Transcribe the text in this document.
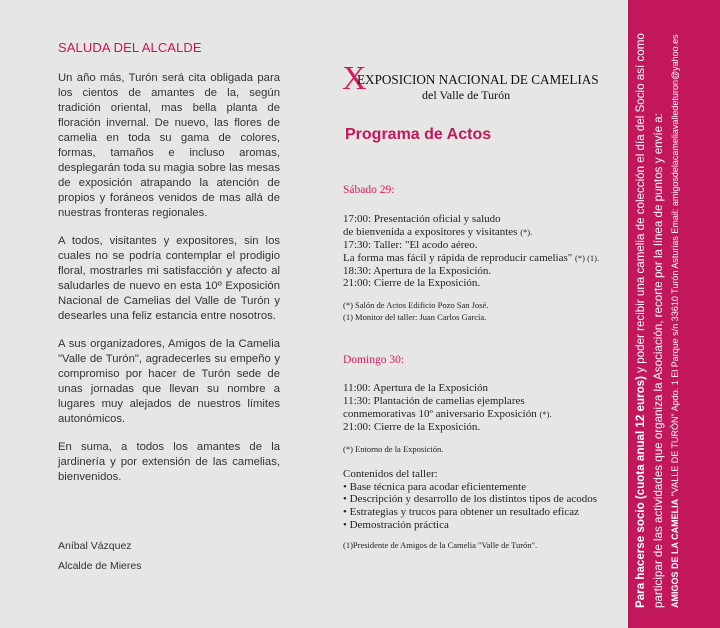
SALUDA DEL ALCALDE

Un año más, Turón será cita obligada para los cientos de amantes de la, según tradición oriental, mas bella planta de floración invernal. De nuevo, las flores de camelia en toda su gama de colores, formas, tamaños e incluso aromas, desplegarán toda su magia sobre las mesas de exposición atrapando la atención de propios y foráneos venidos de mas allá de nuestras fronteras regionales.

A todos, visitantes y expositores, sin los cuales no se podría contemplar el prodigio floral, mostrarles mi satisfacción y afecto al saludarles de nuevo en esta 10º Exposición Nacional de Camelias del Valle de Turón y desearles una feliz estancia entre nosotros.

A sus organizadores, Amigos de la Camelia "Valle de Turón", agradecerles su empeño y compromiso por hacer de Turón sede de unas jornadas que llevan su nombre a lugares muy alejados de nuestros límites autonómicos.

En suma, a todos los amantes de la jardinería y por extensión de las camelias, bienvenidos.

Aníbal Vázquez
Alcalde de Mieres
X
EXPOSICION NACIONAL DE CAMELIAS
del Valle de Turón
Programa de Actos
Sábado 29:
17:00: Presentación oficial y saludo
de bienvenida a expositores y visitantes (*).
17:30: Taller: "El acodo aéreo.
La forma mas fácil y rápida de reproducir camelias" (*) (1).
18:30: Apertura de la Exposición.
21:00: Cierre de la Exposición.
(*) Salón de Actos Edificio Pozo San José.
(1) Monitor del taller: Juan Carlos García.
Domingo 30:
11:00: Apertura de la Exposición
11:30: Plantación de camelias ejemplares
conmemorativas 10º aniversario Exposición (*).
21:00: Cierre de la Exposición.
(*) Entorno de la Exposición.
Contenidos del taller:
• Base técnica para acodar eficientemente
• Descripción y desarrollo de los distintos tipos de acodos
• Estrategias y trucos para obtener un resultado eficaz
• Demostración práctica
(1)Presidente de Amigos de la Camelia "Valle de Turón".	Para hacerse socio (cuota anual 12 euros) y poder recibir una camelia de colección el día del Socio así como participar de las actividades que organiza la Asociación, recorte por la línea de puntos y envíe a: AMIGOS DE LA CAMELIA "VALLE DE TURÓN" Apdo. 1 El Parque s/n 33610 Turón Asturias Email: amigosdelacameliavalledeturon@yahoo.es
